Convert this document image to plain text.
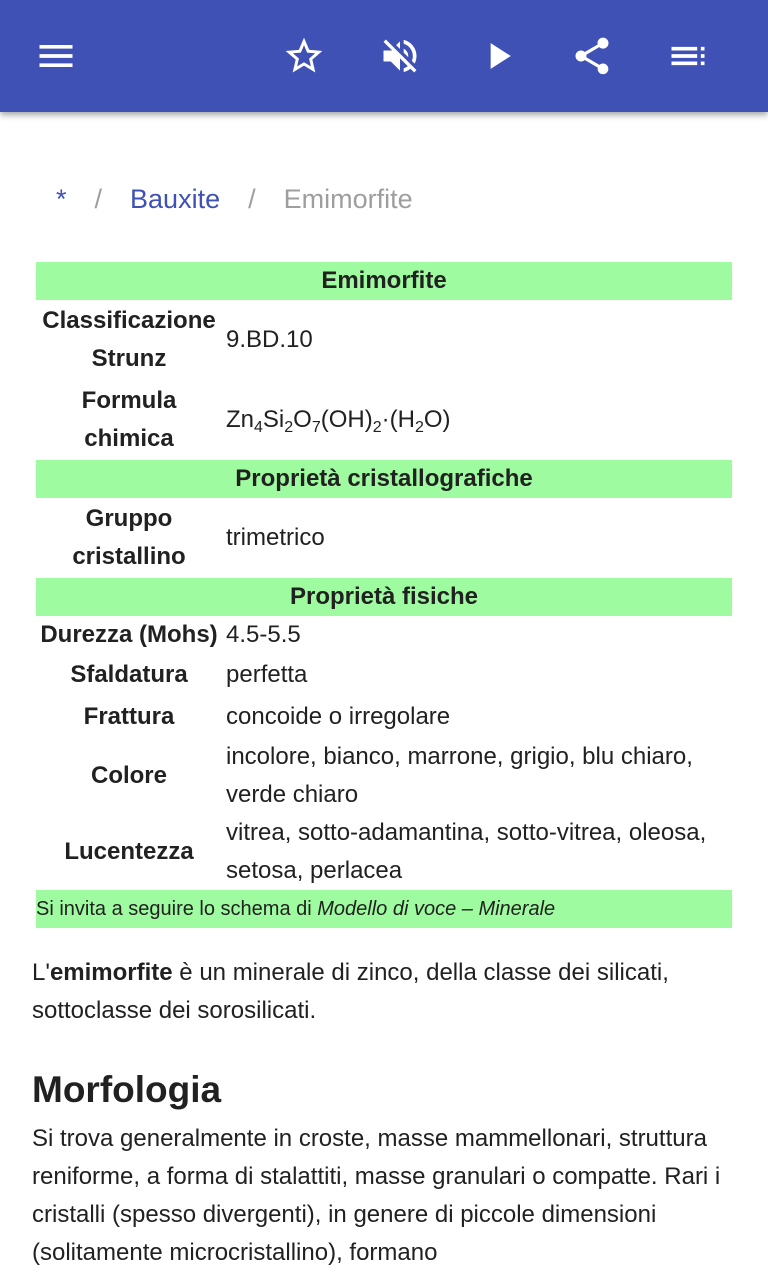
* / Bauxite / Emimorfite
Emimorfite	
Classificazione Strunz	9.BD.10
Formula chimica	$Zn_4Si_2O_7(OH)_2\cdot(H_2O)$
Proprietà cristallografiche	
Gruppo cristallino	trimetrico
Proprietà fisiche	
Durezza (Mohs)	4.5-5.5
Sfaldatura	perfetta
Frattura	concoide o irregolare
Colore	incolore, bianco, marrone, grigio, blu chiaro, verde chiaro
Lucentezza	vitrea, sotto-adamantina, sotto-vitrea, oleosa, setosa, perlacea
Si invita a seguire lo schema di Modello di voce – Minerale	

L'emimorfite è un minerale di zinco, della classe dei silicati, sottoclasse dei sorosilicati.

Morfologia

Si trova generalmente in croste, masse mammellonari, struttura reniforme, a forma di stalattiti, masse granulari o compatte. Rari i cristalli (spesso divergenti), in genere di piccole dimensioni (solitamente microcristallino), formano
